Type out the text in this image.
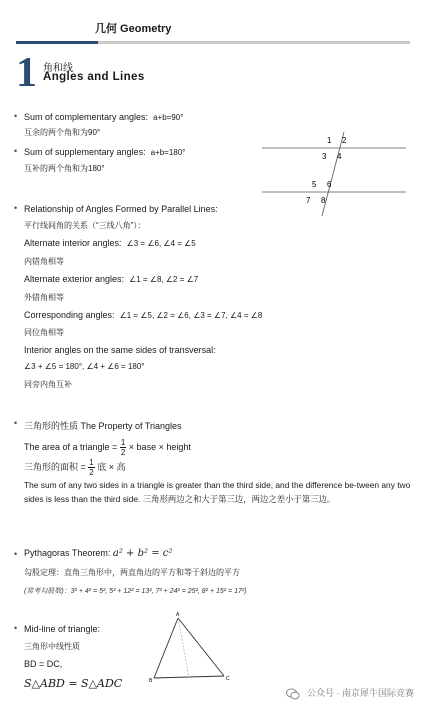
几何 Geometry
1 角和线
Angles and Lines
• Sum of complementary angles: a+b=90°
互余的两个角和为90°
• Sum of supplementary angles: a+b=180°
互补的两个角和为180°
1 2
3 4
5 6
7 8
• Relationship of Angles Formed by Parallel Lines:
平行线间角的关系（“三线八角”）：
Alternate interior angles: ∠3 = ∠6, ∠4 = ∠5
内错角相等
Alternate exterior angles: ∠1 = ∠8, ∠2 = ∠7
外错角相等
Corresponding angles: ∠1 = ∠5, ∠2 = ∠6, ∠3 = ∠7, ∠4 = ∠8
同位角相等
Interior angles on the same sides of transversal:
∠3 + ∠5 = 180°, ∠4 + ∠6 = 180°
同旁内角互补
• 三角形的性质 The Property of Triangles
The area of a triangle = $\frac{1}{2}$ × base × height
三角形的面积 = $\frac{1}{2}$ 底 × 高
The sum of any two sides in a triangle is greater than the third side, and the difference be-tween any two sides is less than the third side. 三角形两边之和大于第三边，两边之差小于第三边。
• Pythagoras Theorem: a² + b² = c²
勾股定理：直角三角形中，两直角边的平方和等于斜边的平方
(常考勾股数)：3² + 4² = 5², 5² + 12² = 13², 7² + 24² = 25², 8² + 15² = 17²)
• Mid-line of triangle:
三角形中线性质
BD = DC,
S△ABD = S△ADC
A
B	C
公众号 · 南京犀牛国际竞赛
